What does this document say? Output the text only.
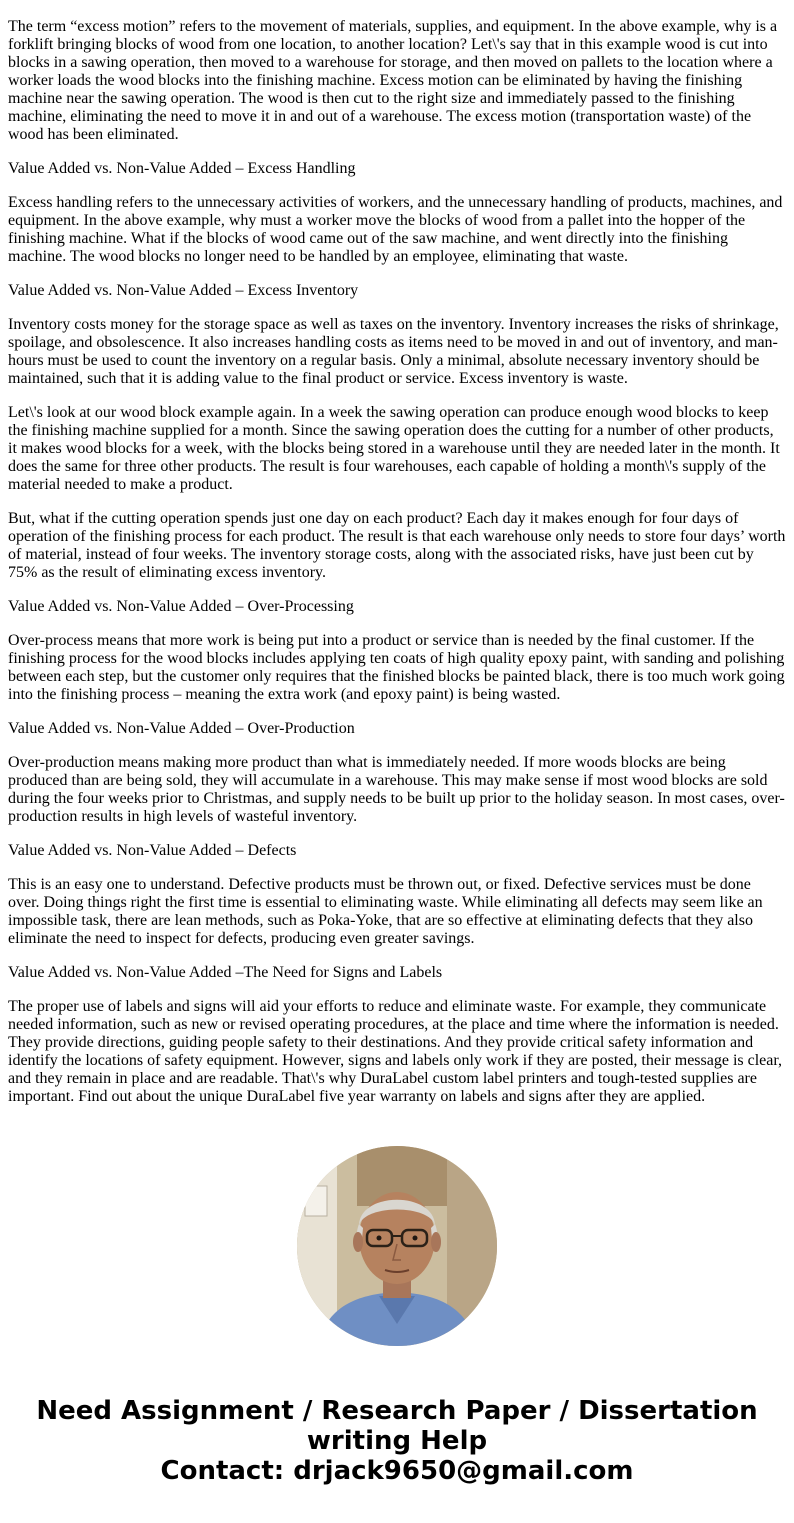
The term “excess motion” refers to the movement of materials, supplies, and equipment. In the above example, why is a forklift bringing blocks of wood from one location, to another location? Let\'s say that in this example wood is cut into blocks in a sawing operation, then moved to a warehouse for storage, and then moved on pallets to the location where a worker loads the wood blocks into the finishing machine. Excess motion can be eliminated by having the finishing machine near the sawing operation. The wood is then cut to the right size and immediately passed to the finishing machine, eliminating the need to move it in and out of a warehouse. The excess motion (transportation waste) of the wood has been eliminated.

Value Added vs. Non-Value Added – Excess Handling

Excess handling refers to the unnecessary activities of workers, and the unnecessary handling of products, machines, and equipment. In the above example, why must a worker move the blocks of wood from a pallet into the hopper of the finishing machine. What if the blocks of wood came out of the saw machine, and went directly into the finishing machine. The wood blocks no longer need to be handled by an employee, eliminating that waste.

Value Added vs. Non-Value Added – Excess Inventory

Inventory costs money for the storage space as well as taxes on the inventory. Inventory increases the risks of shrinkage, spoilage, and obsolescence. It also increases handling costs as items need to be moved in and out of inventory, and man-hours must be used to count the inventory on a regular basis. Only a minimal, absolute necessary inventory should be maintained, such that it is adding value to the final product or service. Excess inventory is waste.

Let\'s look at our wood block example again. In a week the sawing operation can produce enough wood blocks to keep the finishing machine supplied for a month. Since the sawing operation does the cutting for a number of other products, it makes wood blocks for a week, with the blocks being stored in a warehouse until they are needed later in the month. It does the same for three other products. The result is four warehouses, each capable of holding a month\'s supply of the material needed to make a product.

But, what if the cutting operation spends just one day on each product? Each day it makes enough for four days of operation of the finishing process for each product. The result is that each warehouse only needs to store four days’ worth of material, instead of four weeks. The inventory storage costs, along with the associated risks, have just been cut by 75% as the result of eliminating excess inventory.

Value Added vs. Non-Value Added – Over-Processing

Over-process means that more work is being put into a product or service than is needed by the final customer. If the finishing process for the wood blocks includes applying ten coats of high quality epoxy paint, with sanding and polishing between each step, but the customer only requires that the finished blocks be painted black, there is too much work going into the finishing process – meaning the extra work (and epoxy paint) is being wasted.

Value Added vs. Non-Value Added – Over-Production

Over-production means making more product than what is immediately needed. If more woods blocks are being produced than are being sold, they will accumulate in a warehouse. This may make sense if most wood blocks are sold during the four weeks prior to Christmas, and supply needs to be built up prior to the holiday season. In most cases, over-production results in high levels of wasteful inventory.

Value Added vs. Non-Value Added – Defects

This is an easy one to understand. Defective products must be thrown out, or fixed. Defective services must be done over. Doing things right the first time is essential to eliminating waste. While eliminating all defects may seem like an impossible task, there are lean methods, such as Poka-Yoke, that are so effective at eliminating defects that they also eliminate the need to inspect for defects, producing even greater savings.

Value Added vs. Non-Value Added –The Need for Signs and Labels

The proper use of labels and signs will aid your efforts to reduce and eliminate waste. For example, they communicate needed information, such as new or revised operating procedures, at the place and time where the information is needed. They provide directions, guiding people safety to their destinations. And they provide critical safety information and identify the locations of safety equipment. However, signs and labels only work if they are posted, their message is clear, and they remain in place and are readable. That\'s why DuraLabel custom label printers and tough-tested supplies are important. Find out about the unique DuraLabel five year warranty on labels and signs after they are applied.

Need Assignment / Research Paper / Dissertation
writing Help
Contact: drjack9650@gmail.com
